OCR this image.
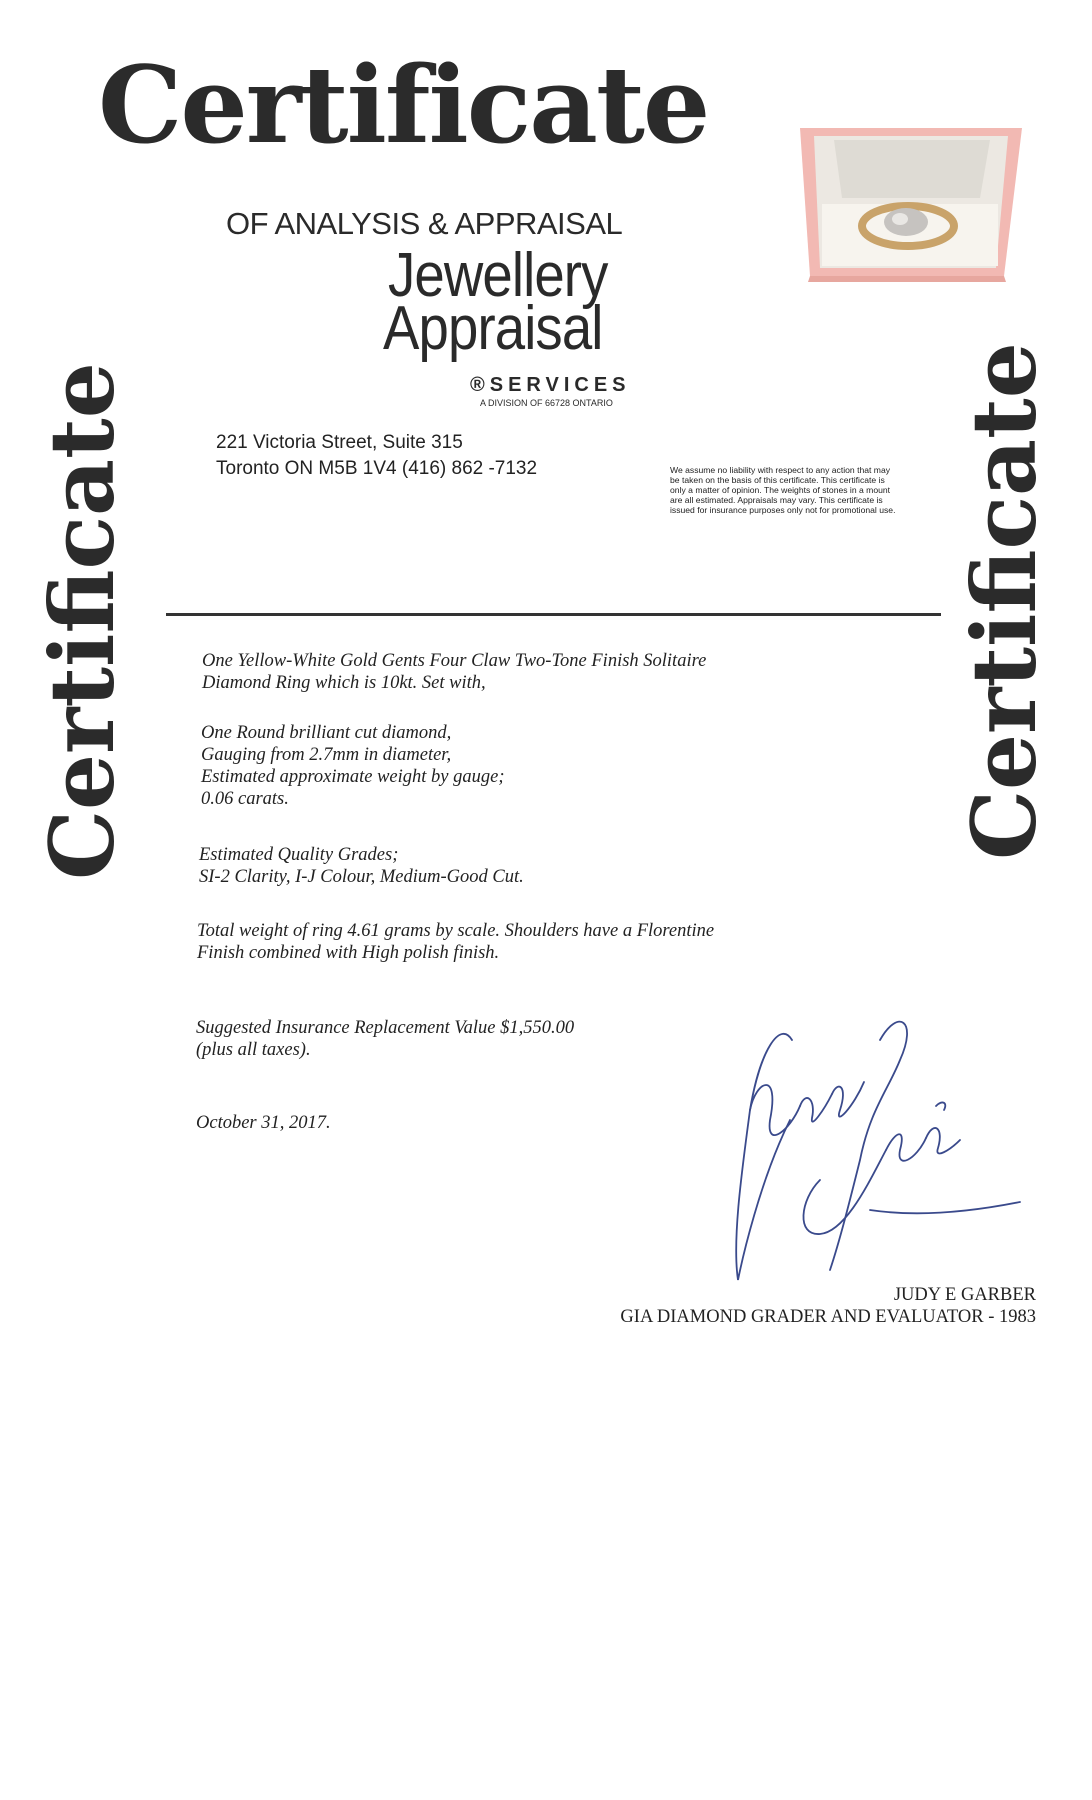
Certificate
Certificate	Certificate
OF ANALYSIS & APPRAISAL
Jewellery
Appraisal
®SERVICES
A DIVISION OF 66728 ONTARIO
221 Victoria Street, Suite 315
Toronto ON M5B 1V4 (416) 862 -7132	We assume no liability with respect to any action that may be taken on the basis of this certificate. This certificate is only a matter of opinion. The weights of stones in a mount are all estimated. Appraisals may vary. This certificate is issued for insurance purposes only not for promotional use.
One Yellow-White Gold Gents Four Claw Two-Tone Finish Solitaire
Diamond Ring which is 10kt. Set with,
One Round brilliant cut diamond,
Gauging from 2.7mm in diameter,
Estimated approximate weight by gauge;
0.06 carats.
Estimated Quality Grades;
SI-2 Clarity, I-J Colour, Medium-Good Cut.
Total weight of ring 4.61 grams by scale. Shoulders have a Florentine
Finish combined with High polish finish.
Suggested Insurance Replacement Value $1,550.00
(plus all taxes).
October 31, 2017.
JUDY E GARBER
GIA DIAMOND GRADER AND EVALUATOR - 1983
